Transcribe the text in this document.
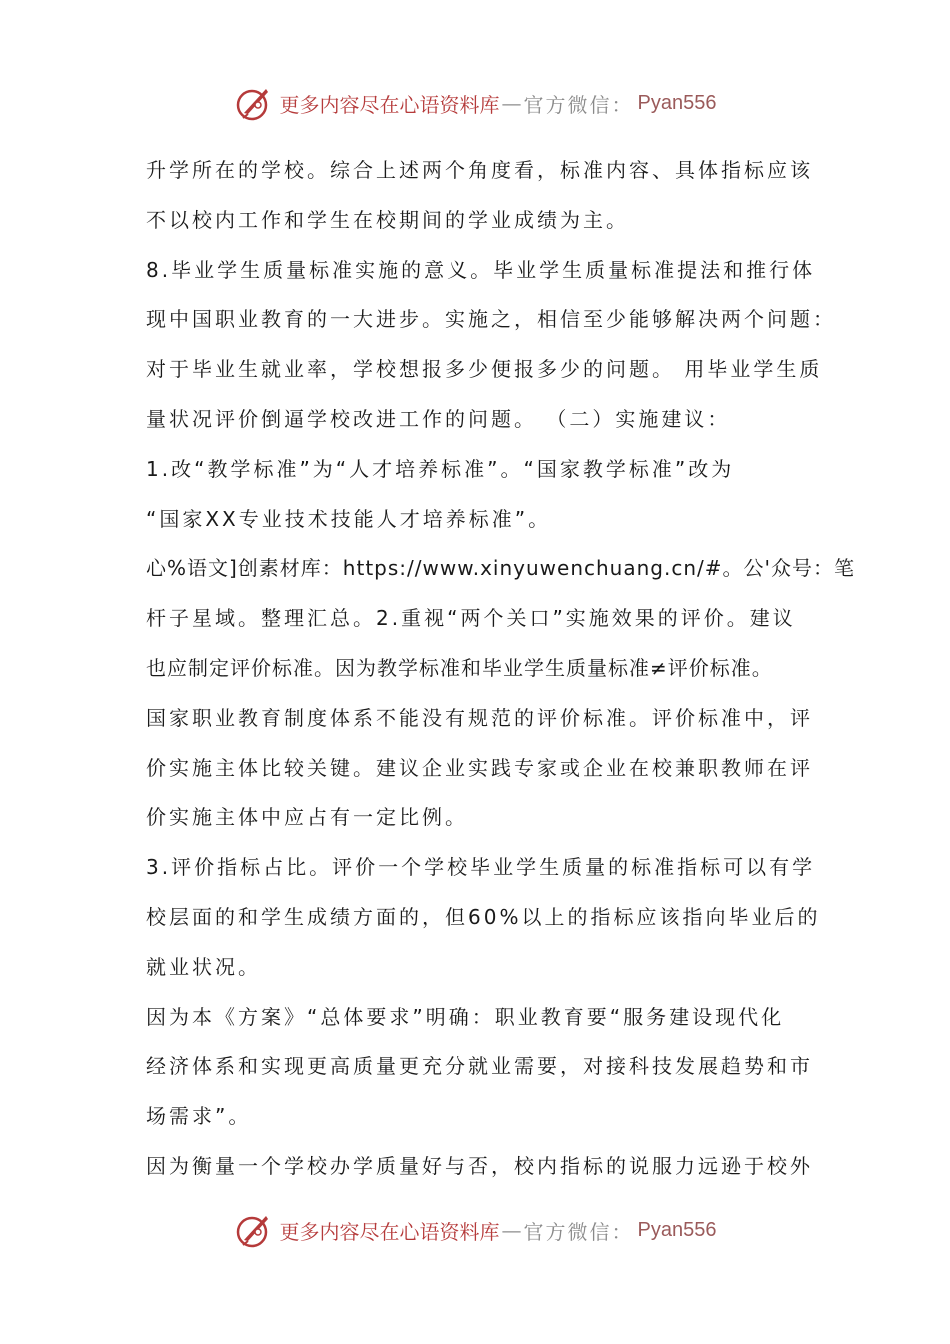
更多内容尽在心语资料库 — 官方微信： Pyan556
升学所在的学校。综合上述两个角度看，标准内容、具体指标应该
不以校内工作和学生在校期间的学业成绩为主。
8.毕业学生质量标准实施的意义。毕业学生质量标准提法和推行体
现中国职业教育的一大进步。实施之，相信至少能够解决两个问题：
对于毕业生就业率，学校想报多少便报多少的问题。 用毕业学生质
量状况评价倒逼学校改进工作的问题。 （二）实施建议：
1.改“教学标准”为“人才培养标准”。“国家教学标准”改为
“国家XX专业技术技能人才培养标准”。
心%语文]创素材库：https://www.xinyuwenchuang.cn/#。公'众号：笔
杆子星域。整理汇总。2.重视“两个关口”实施效果的评价。建议
也应制定评价标准。因为教学标准和毕业学生质量标准≠评价标准。
国家职业教育制度体系不能没有规范的评价标准。评价标准中，评
价实施主体比较关键。建议企业实践专家或企业在校兼职教师在评
价实施主体中应占有一定比例。
3.评价指标占比。评价一个学校毕业学生质量的标准指标可以有学
校层面的和学生成绩方面的，但60%以上的指标应该指向毕业后的
就业状况。
因为本《方案》“总体要求”明确：职业教育要“服务建设现代化
经济体系和实现更高质量更充分就业需要，对接科技发展趋势和市
场需求”。
因为衡量一个学校办学质量好与否，校内指标的说服力远逊于校外
更多内容尽在心语资料库 — 官方微信： Pyan556
